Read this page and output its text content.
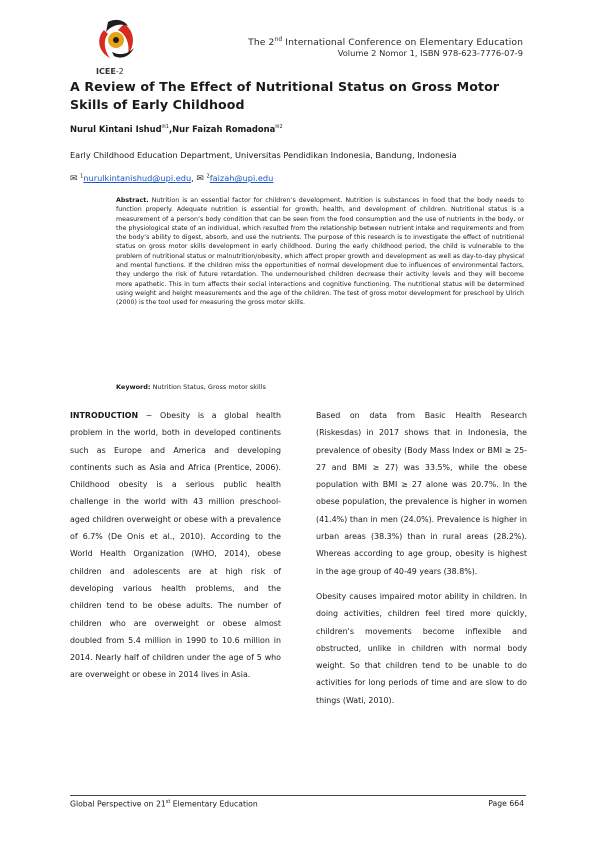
The 2nd International Conference on Elementary Education
Volume 2 Nomor 1, ISBN 978-623-7776-07-9
ICEE-2
A Review of The Effect of Nutritional Status on Gross Motor Skills of Early Childhood
Nurul Kintani Ishud$^{✉1}$,Nur Faizah Romadona$^{✉2}$
Early Childhood Education Department, Universitas Pendidikan Indonesia, Bandung, Indonesia
✉ $^1$nurulkintanishud@upi.edu, ✉ $^2$faizah@upi.edu

Abstract. Nutrition is an essential factor for children’s development. Nutrition is substances in food that the body needs to function properly. Adequate nutrition is essential for growth, health, and development of children. Nutritional status is a measurement of a person’s body condition that can be seen from the food consumption and the use of nutrients in the body, or the physiological state of an individual, which resulted from the relationship between nutrient intake and requirements and from the body’s ability to digest, absorb, and use the nutrients. The purpose of this research is to investigate the effect of nutritional status on gross motor skills development in early childhood. During the early childhood period, the child is vulnerable to the problem of nutritional status or malnutrition/obesity, which affect proper growth and development as well as day-to-day physical and mental functions. If the children miss the opportunities of normal development due to influences of environmental factors, they undergo the risk of future retardation. The undernourished children decrease their activity levels and they will become more apathetic. This in turn affects their social interactions and cognitive functioning. The nutritional status will be determined using weight and height measurements and the age of the children. The test of gross motor development for preschool by Ulrich (2000) is the tool used for measuring the gross motor skills.

Keyword: Nutrition Status, Gross motor skills

INTRODUCTION ~ Obesity is a global health problem in the world, both in developed continents such as Europe and America and developing continents such as Asia and Africa (Prentice, 2006). Childhood obesity is a serious public health challenge in the world with 43 million preschool-aged children overweight or obese with a prevalence of 6.7% (De Onis et al., 2010). According to the World Health Organization (WHO, 2014), obese children and adolescents are at high risk of developing various health problems, and the children tend to be obese adults. The number of children who are overweight or obese almost doubled from 5.4 million in 1990 to 10.6 million in 2014. Nearly half of children under the age of 5 who are overweight or obese in 2014 lives in Asia.

Based on data from Basic Health Research (Riskesdas) in 2017 shows that in Indonesia, the prevalence of obesity (Body Mass Index or BMI ≥ 25-27 and BMI ≥ 27) was 33.5%, while the obese population with BMI ≥ 27 alone was 20.7%. In the obese population, the prevalence is higher in women (41.4%) than in men (24.0%). Prevalence is higher in urban areas (38.3%) than in rural areas (28.2%). Whereas according to age group, obesity is highest in the age group of 40-49 years (38.8%).

Obesity causes impaired motor ability in children. In doing activities, children feel tired more quickly, children's movements become inflexible and obstructed, unlike in children with normal body weight. So that children tend to be unable to do activities for long periods of time and are slow to do things (Wati, 2010).

Global Perspective on 21st Elementary Education	Page 664
